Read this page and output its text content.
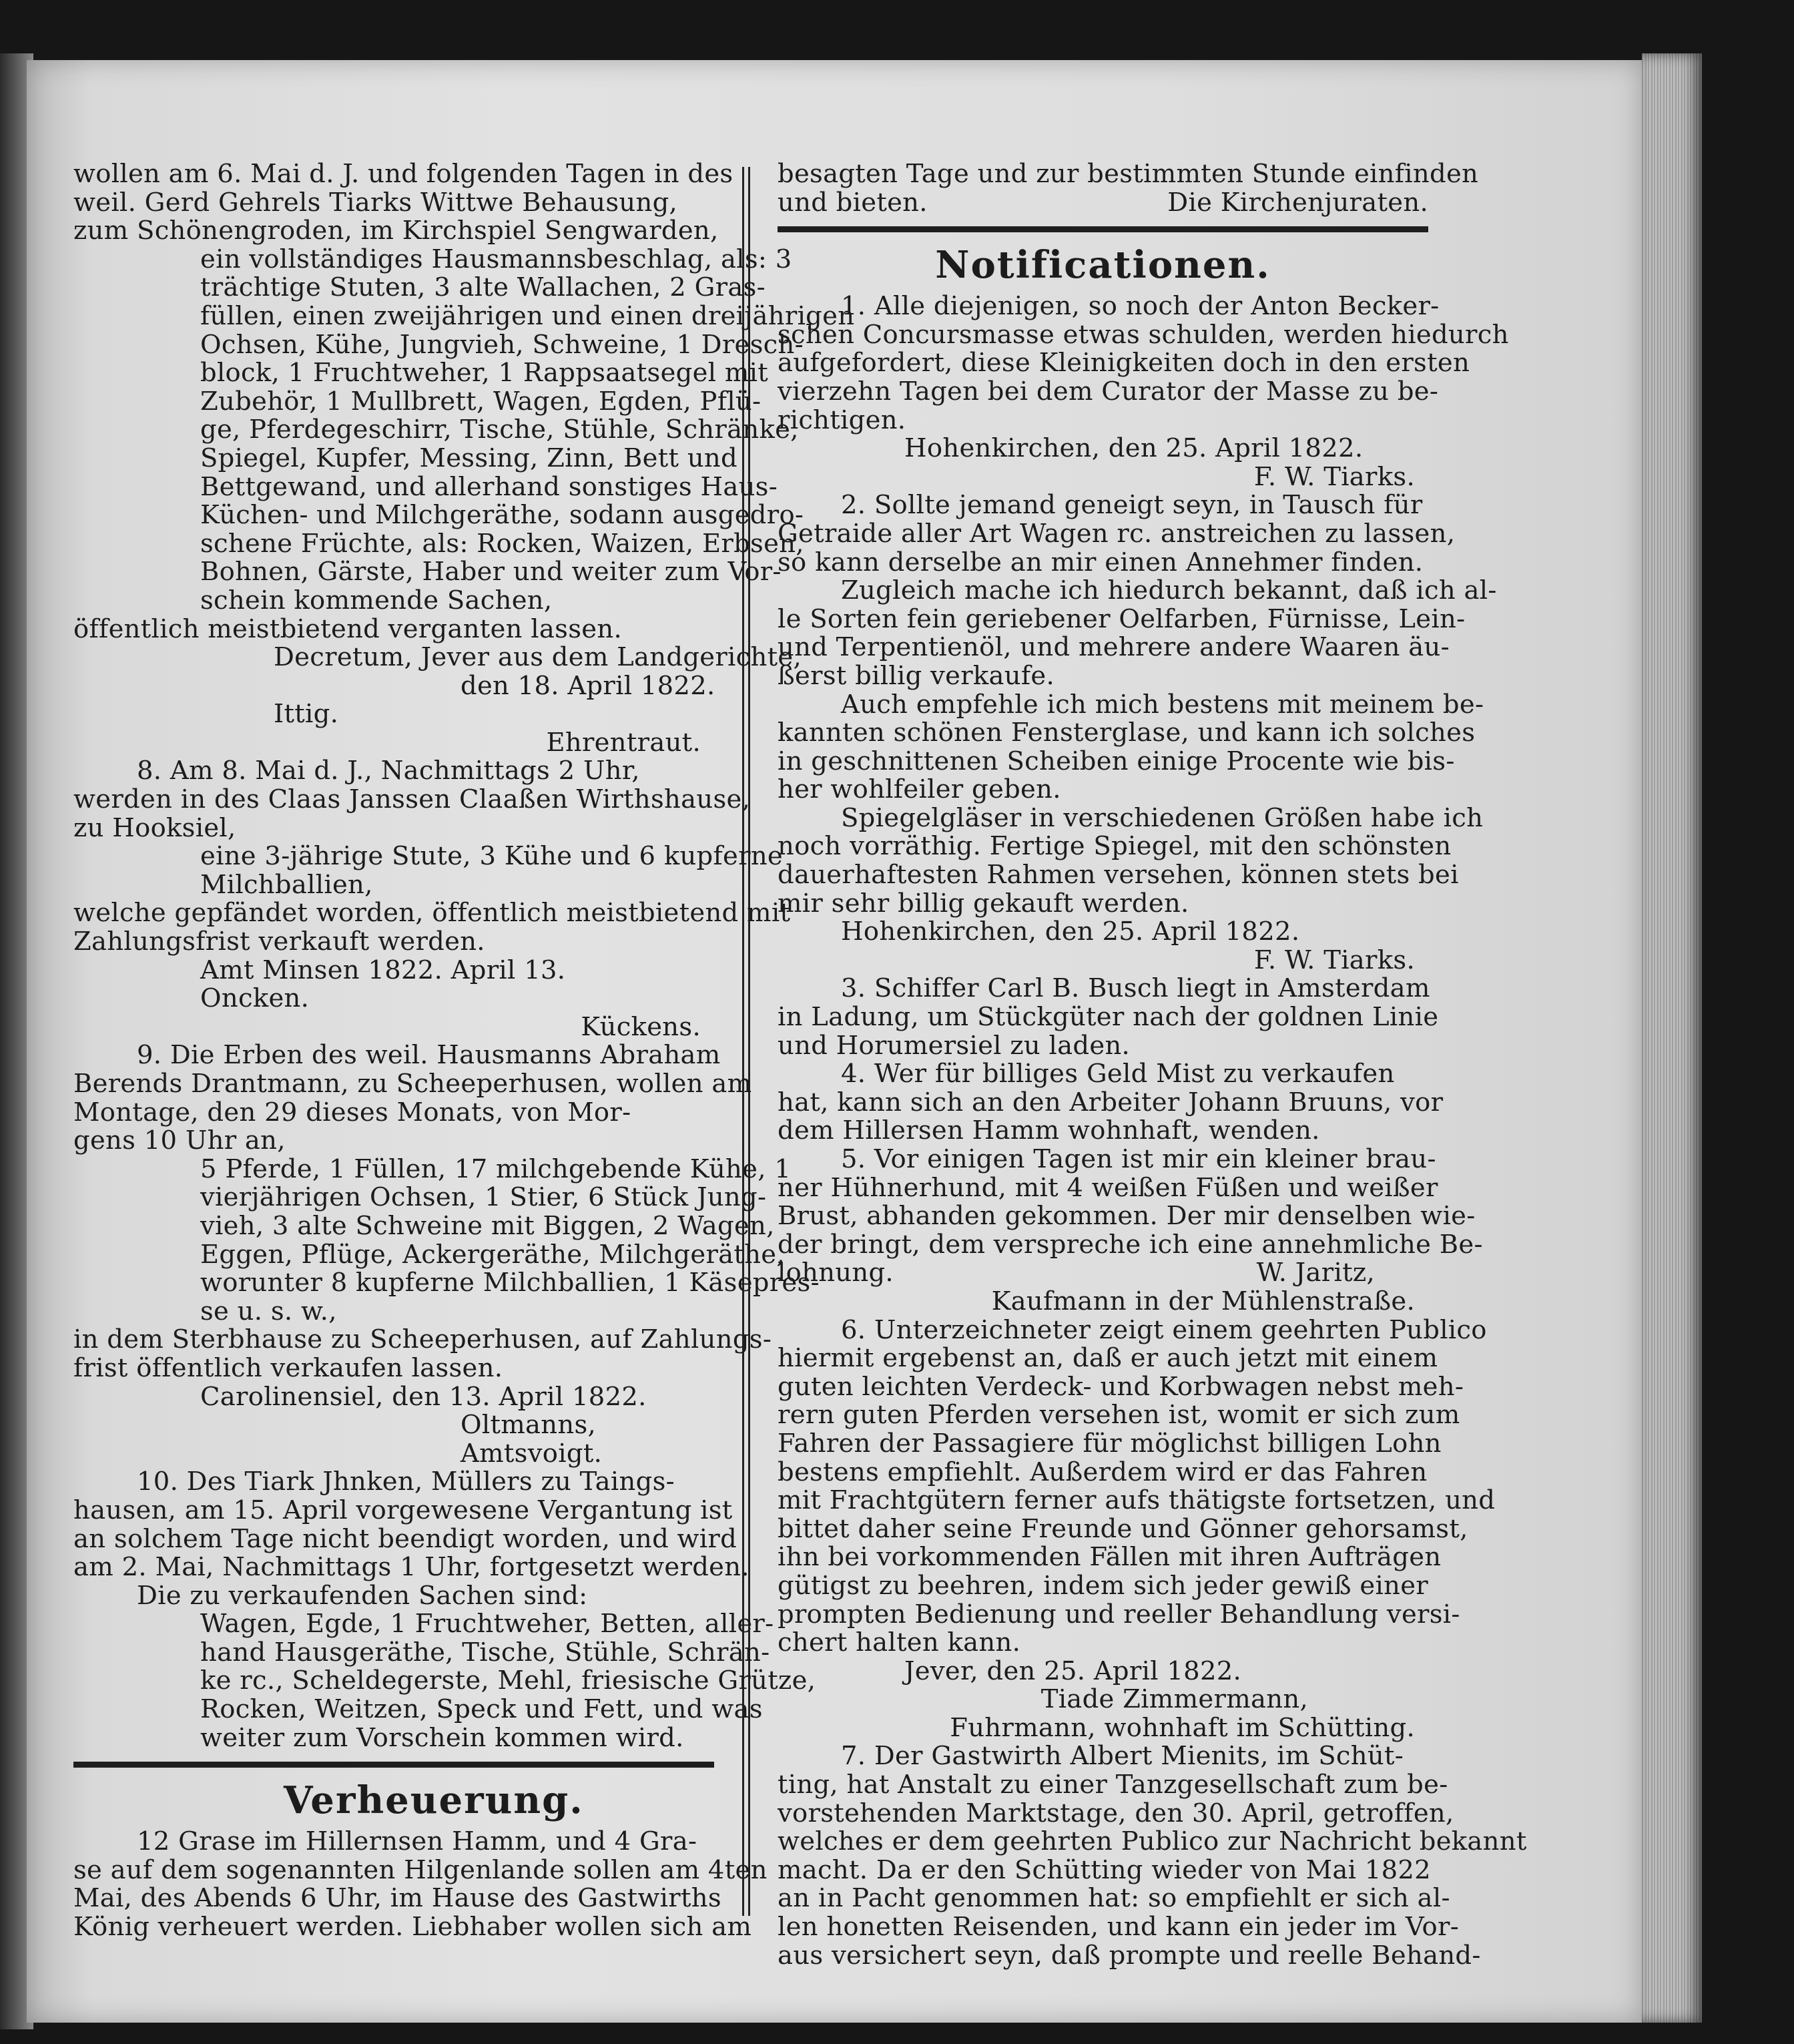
wollen am 6. Mai d. J. und folgenden Tagen in des

weil. Gerd Gehrels Tiarks Wittwe Behausung,

zum Schönengroden, im Kirchspiel Sengwarden,

ein vollständiges Hausmannsbeschlag, als: 3

trächtige Stuten, 3 alte Wallachen, 2 Gras-

füllen, einen zweijährigen und einen dreijährigen

Ochsen, Kühe, Jungvieh, Schweine, 1 Dresch-

block, 1 Fruchtweher, 1 Rappsaatsegel mit

Zubehör, 1 Mullbrett, Wagen, Egden, Pflü-

ge, Pferdegeschirr, Tische, Stühle, Schränke,

Spiegel, Kupfer, Messing, Zinn, Bett und

Bettgewand, und allerhand sonstiges Haus-

Küchen- und Milchgeräthe, sodann ausgedro-

schene Früchte, als: Rocken, Waizen, Erbsen,

Bohnen, Gärste, Haber und weiter zum Vor-

schein kommende Sachen,

öffentlich meistbietend verganten lassen.

Decretum, Jever aus dem Landgerichte,

den 18. April 1822.

Ittig.

Ehrentraut.

8. Am 8. Mai d. J., Nachmittags 2 Uhr,

werden in des Claas Janssen Claaßen Wirthshause,

zu Hooksiel,

eine 3-jährige Stute, 3 Kühe und 6 kupferne

Milchballien,

welche gepfändet worden, öffentlich meistbietend mit

Zahlungsfrist verkauft werden.

Amt Minsen 1822. April 13.

Oncken.

Kückens.

9. Die Erben des weil. Hausmanns Abraham

Berends Drantmann, zu Scheeperhusen, wollen am

Montage, den 29 dieses Monats, von Mor-

gens 10 Uhr an,

5 Pferde, 1 Füllen, 17 milchgebende Kühe, 1

vierjährigen Ochsen, 1 Stier, 6 Stück Jung-

vieh, 3 alte Schweine mit Biggen, 2 Wagen,

Eggen, Pflüge, Ackergeräthe, Milchgeräthe,

worunter 8 kupferne Milchballien, 1 Käsepres-

se u. s. w.,

in dem Sterbhause zu Scheeperhusen, auf Zahlungs-

frist öffentlich verkaufen lassen.

Carolinensiel, den 13. April 1822.

Oltmanns,

Amtsvoigt.

10. Des Tiark Jhnken, Müllers zu Taings-

hausen, am 15. April vorgewesene Vergantung ist

an solchem Tage nicht beendigt worden, und wird

am 2. Mai, Nachmittags 1 Uhr, fortgesetzt werden.

Die zu verkaufenden Sachen sind:

Wagen, Egde, 1 Fruchtweher, Betten, aller-

hand Hausgeräthe, Tische, Stühle, Schrän-

ke rc., Scheldegerste, Mehl, friesische Grütze,

Rocken, Weitzen, Speck und Fett, und was

weiter zum Vorschein kommen wird.

Verheuerung.

12 Grase im Hillernsen Hamm, und 4 Gra-

se auf dem sogenannten Hilgenlande sollen am 4ten

Mai, des Abends 6 Uhr, im Hause des Gastwirths

König verheuert werden. Liebhaber wollen sich am

besagten Tage und zur bestimmten Stunde einfinden

und bieten.	Die Kirchenjuraten.

Notificationen.

1. Alle diejenigen, so noch der Anton Becker-

schen Concursmasse etwas schulden, werden hiedurch

aufgefordert, diese Kleinigkeiten doch in den ersten

vierzehn Tagen bei dem Curator der Masse zu be-

richtigen.

Hohenkirchen, den 25. April 1822.

F. W. Tiarks.

2. Sollte jemand geneigt seyn, in Tausch für

Getraide aller Art Wagen rc. anstreichen zu lassen,

so kann derselbe an mir einen Annehmer finden.

Zugleich mache ich hiedurch bekannt, daß ich al-

le Sorten fein geriebener Oelfarben, Fürnisse, Lein-

und Terpentienöl, und mehrere andere Waaren äu-

ßerst billig verkaufe.

Auch empfehle ich mich bestens mit meinem be-

kannten schönen Fensterglase, und kann ich solches

in geschnittenen Scheiben einige Procente wie bis-

her wohlfeiler geben.

Spiegelgläser in verschiedenen Größen habe ich

noch vorräthig. Fertige Spiegel, mit den schönsten

dauerhaftesten Rahmen versehen, können stets bei

mir sehr billig gekauft werden.

Hohenkirchen, den 25. April 1822.

F. W. Tiarks.

3. Schiffer Carl B. Busch liegt in Amsterdam

in Ladung, um Stückgüter nach der goldnen Linie

und Horumersiel zu laden.

4. Wer für billiges Geld Mist zu verkaufen

hat, kann sich an den Arbeiter Johann Bruuns, vor

dem Hillersen Hamm wohnhaft, wenden.

5. Vor einigen Tagen ist mir ein kleiner brau-

ner Hühnerhund, mit 4 weißen Füßen und weißer

Brust, abhanden gekommen. Der mir denselben wie-

der bringt, dem verspreche ich eine annehmliche Be-

lohnung.	W. Jaritz,

Kaufmann in der Mühlenstraße.

6. Unterzeichneter zeigt einem geehrten Publico

hiermit ergebenst an, daß er auch jetzt mit einem

guten leichten Verdeck- und Korbwagen nebst meh-

rern guten Pferden versehen ist, womit er sich zum

Fahren der Passagiere für möglichst billigen Lohn

bestens empfiehlt. Außerdem wird er das Fahren

mit Frachtgütern ferner aufs thätigste fortsetzen, und

bittet daher seine Freunde und Gönner gehorsamst,

ihn bei vorkommenden Fällen mit ihren Aufträgen

gütigst zu beehren, indem sich jeder gewiß einer

prompten Bedienung und reeller Behandlung versi-

chert halten kann.

Jever, den 25. April 1822.

Tiade Zimmermann,

Fuhrmann, wohnhaft im Schütting.

7. Der Gastwirth Albert Mienits, im Schüt-

ting, hat Anstalt zu einer Tanzgesellschaft zum be-

vorstehenden Marktstage, den 30. April, getroffen,

welches er dem geehrten Publico zur Nachricht bekannt

macht. Da er den Schütting wieder von Mai 1822

an in Pacht genommen hat: so empfiehlt er sich al-

len honetten Reisenden, und kann ein jeder im Vor-

aus versichert seyn, daß prompte und reelle Behand-
